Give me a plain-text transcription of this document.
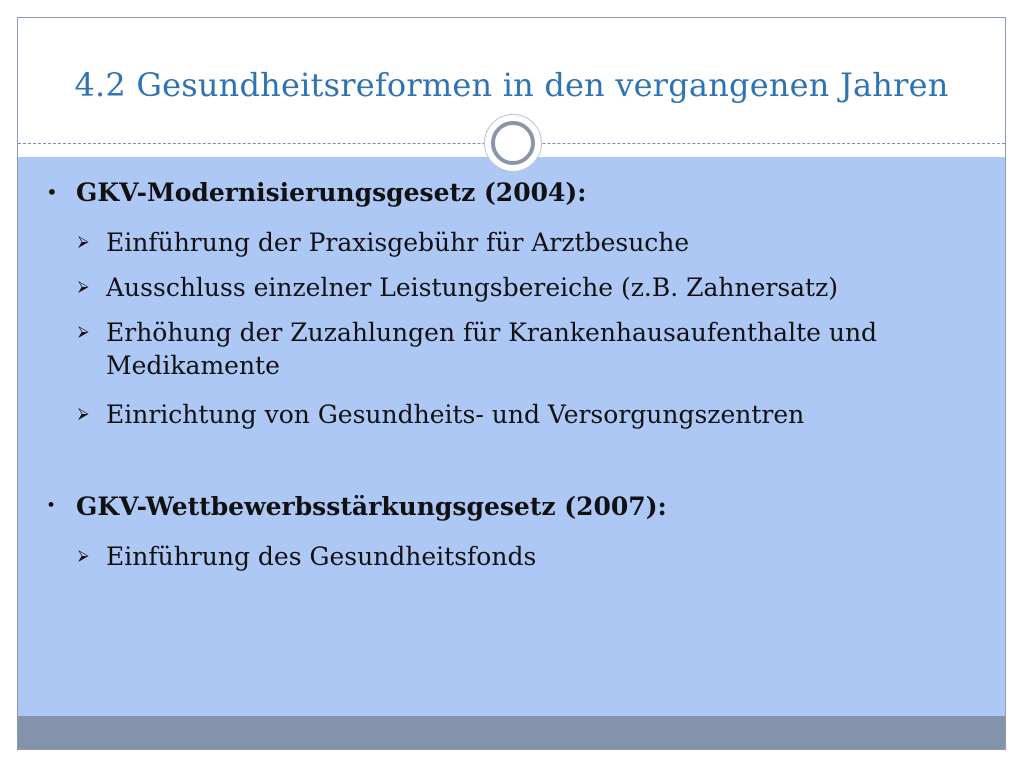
4.2 Gesundheitsreformen in den vergangenen Jahren
• GKV-Modernisierungsgesetz (2004):
⮚ Einführung der Praxisgebühr für Arztbesuche
⮚ Ausschluss einzelner Leistungsbereiche (z.B. Zahnersatz)
⮚ Erhöhung der Zuzahlungen für Krankenhausaufenthalte und Medikamente
⮚ Einrichtung von Gesundheits- und Versorgungszentren
• GKV-Wettbewerbsstärkungsgesetz (2007):
⮚ Einführung des Gesundheitsfonds
